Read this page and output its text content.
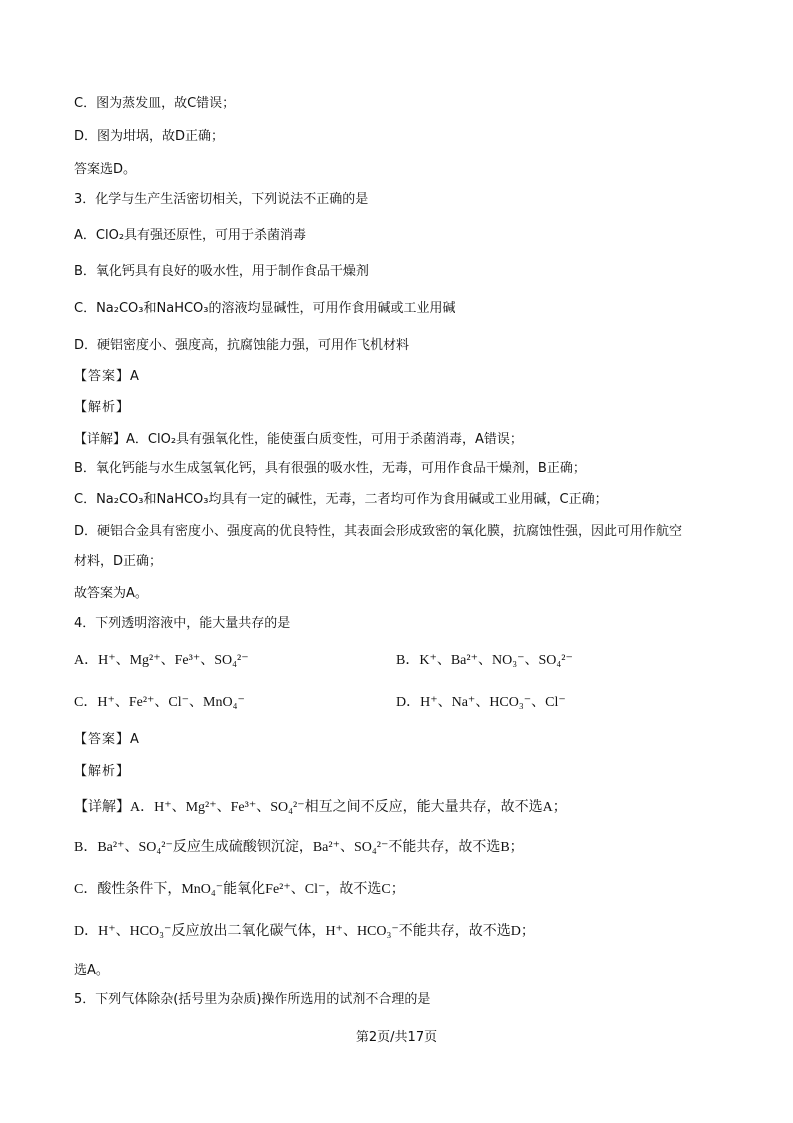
C．图为蒸发皿，故C错误；
D．图为坩埚，故D正确；
答案选D。
3．化学与生产生活密切相关，下列说法不正确的是
A．ClO₂具有强还原性，可用于杀菌消毒
B．氧化钙具有良好的吸水性，用于制作食品干燥剂
C．Na₂CO₃和NaHCO₃的溶液均显碱性，可用作食用碱或工业用碱
D．硬铝密度小、强度高，抗腐蚀能力强，可用作飞机材料
【答案】A
【解析】
【详解】A．ClO₂具有强氧化性，能使蛋白质变性，可用于杀菌消毒，A错误；
B．氧化钙能与水生成氢氧化钙，具有很强的吸水性，无毒，可用作食品干燥剂，B正确；
C．Na₂CO₃和NaHCO₃均具有一定的碱性，无毒，二者均可作为食用碱或工业用碱，C正确；
D．硬铝合金具有密度小、强度高的优良特性，其表面会形成致密的氧化膜，抗腐蚀性强，因此可用作航空
材料，D正确；
故答案为A。
4．下列透明溶液中，能大量共存的是
A．H⁺、Mg²⁺、Fe³⁺、SO₄²⁻	B．K⁺、Ba²⁺、NO₃⁻、SO₄²⁻
C．H⁺、Fe²⁺、Cl⁻、MnO₄⁻	D．H⁺、Na⁺、HCO₃⁻、Cl⁻
【答案】A
【解析】
【详解】A．H⁺、Mg²⁺、Fe³⁺、SO₄²⁻相互之间不反应，能大量共存，故不选A；
B．Ba²⁺、SO₄²⁻反应生成硫酸钡沉淀，Ba²⁺、SO₄²⁻不能共存，故不选B；
C．酸性条件下，MnO₄⁻能氧化Fe²⁺、Cl⁻，故不选C；
D．H⁺、HCO₃⁻反应放出二氧化碳气体，H⁺、HCO₃⁻不能共存，故不选D；
选A。
5．下列气体除杂(括号里为杂质)操作所选用的试剂不合理的是
第2页/共17页
